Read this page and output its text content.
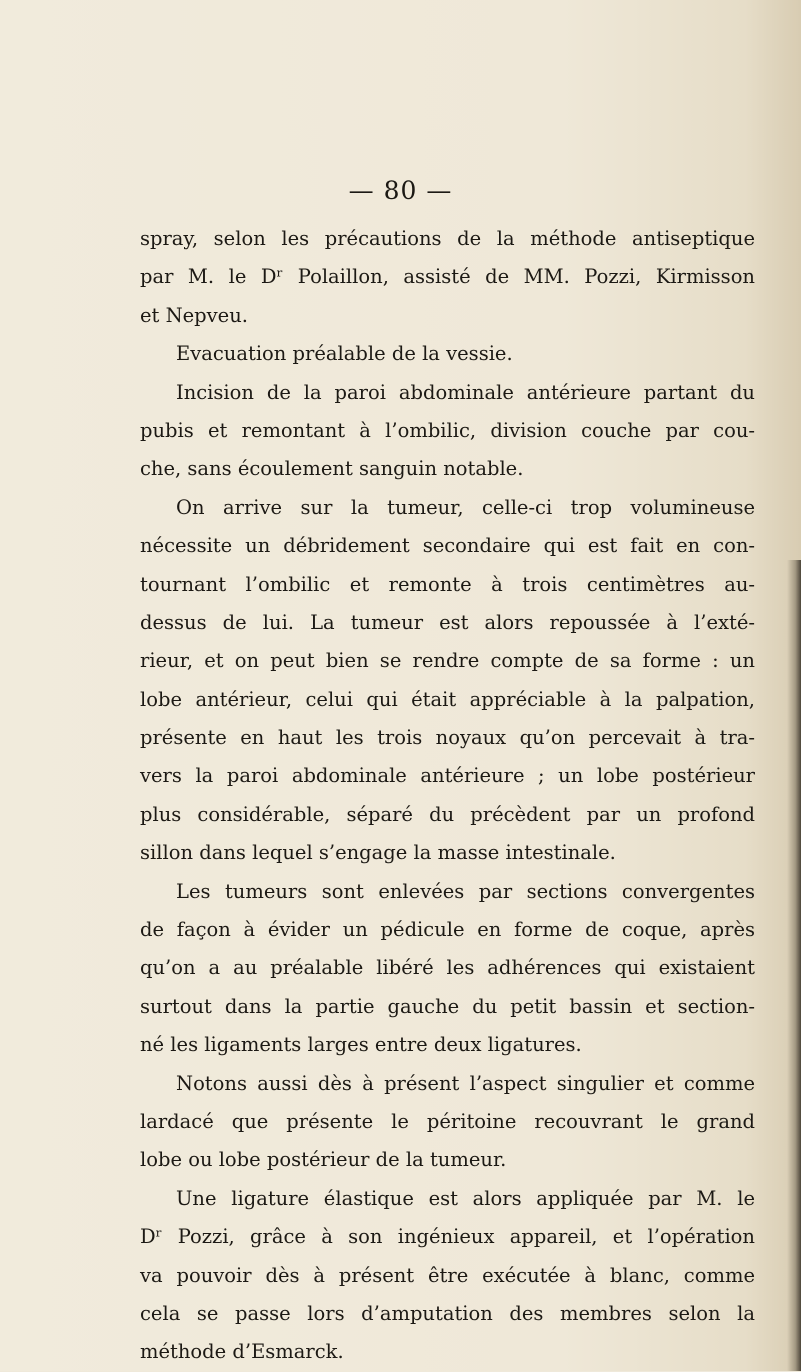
— 80 —
spray, selon les précautions de la méthode antiseptique
par M. le Dʳ Polaillon, assisté de MM. Pozzi, Kirmisson
et Nepveu.
Evacuation préalable de la vessie.
Incision de la paroi abdominale antérieure partant du
pubis et remontant à l’ombilic, division couche par cou-
che, sans écoulement sanguin notable.
On arrive sur la tumeur, celle-ci trop volumineuse
nécessite un débridement secondaire qui est fait en con-
tournant l’ombilic et remonte à trois centimètres au-
dessus de lui. La tumeur est alors repoussée à l’exté-
rieur, et on peut bien se rendre compte de sa forme : un
lobe antérieur, celui qui était appréciable à la palpation,
présente en haut les trois noyaux qu’on percevait à tra-
vers la paroi abdominale antérieure ; un lobe postérieur
plus considérable, séparé du précèdent par un profond
sillon dans lequel s’engage la masse intestinale.
Les tumeurs sont enlevées par sections convergentes
de façon à évider un pédicule en forme de coque, après
qu’on a au préalable libéré les adhérences qui existaient
surtout dans la partie gauche du petit bassin et section-
né les ligaments larges entre deux ligatures.
Notons aussi dès à présent l’aspect singulier et comme
lardacé que présente le péritoine recouvrant le grand
lobe ou lobe postérieur de la tumeur.
Une ligature élastique est alors appliquée par M. le
Dʳ Pozzi, grâce à son ingénieux appareil, et l’opération
va pouvoir dès à présent être exécutée à blanc, comme
cela se passe lors d’amputation des membres selon la
méthode d’Esmarck.
